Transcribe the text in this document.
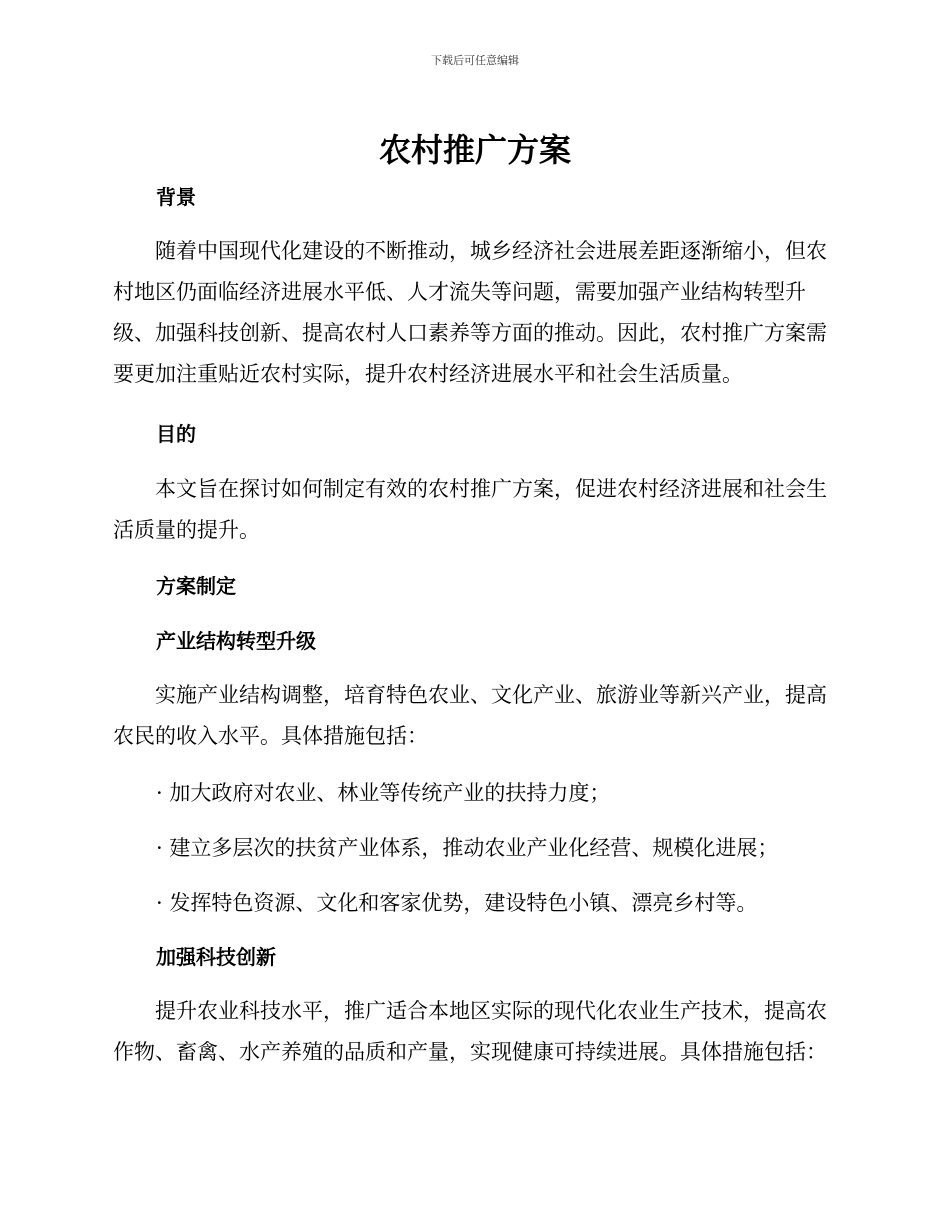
下载后可任意编辑
农村推广方案
背景

随着中国现代化建设的不断推动，城乡经济社会进展差距逐渐缩小，但农村地区仍面临经济进展水平低、人才流失等问题，需要加强产业结构转型升级、加强科技创新、提高农村人口素养等方面的推动。因此，农村推广方案需要更加注重贴近农村实际，提升农村经济进展水平和社会生活质量。

目的

本文旨在探讨如何制定有效的农村推广方案，促进农村经济进展和社会生活质量的提升。

方案制定
产业结构转型升级

实施产业结构调整，培育特色农业、文化产业、旅游业等新兴产业，提高农民的收入水平。具体措施包括：

· 加大政府对农业、林业等传统产业的扶持力度；

· 建立多层次的扶贫产业体系，推动农业产业化经营、规模化进展；

· 发挥特色资源、文化和客家优势，建设特色小镇、漂亮乡村等。

加强科技创新

提升农业科技水平，推广适合本地区实际的现代化农业生产技术，提高农作物、畜禽、水产养殖的品质和产量，实现健康可持续进展。具体措施包括：
